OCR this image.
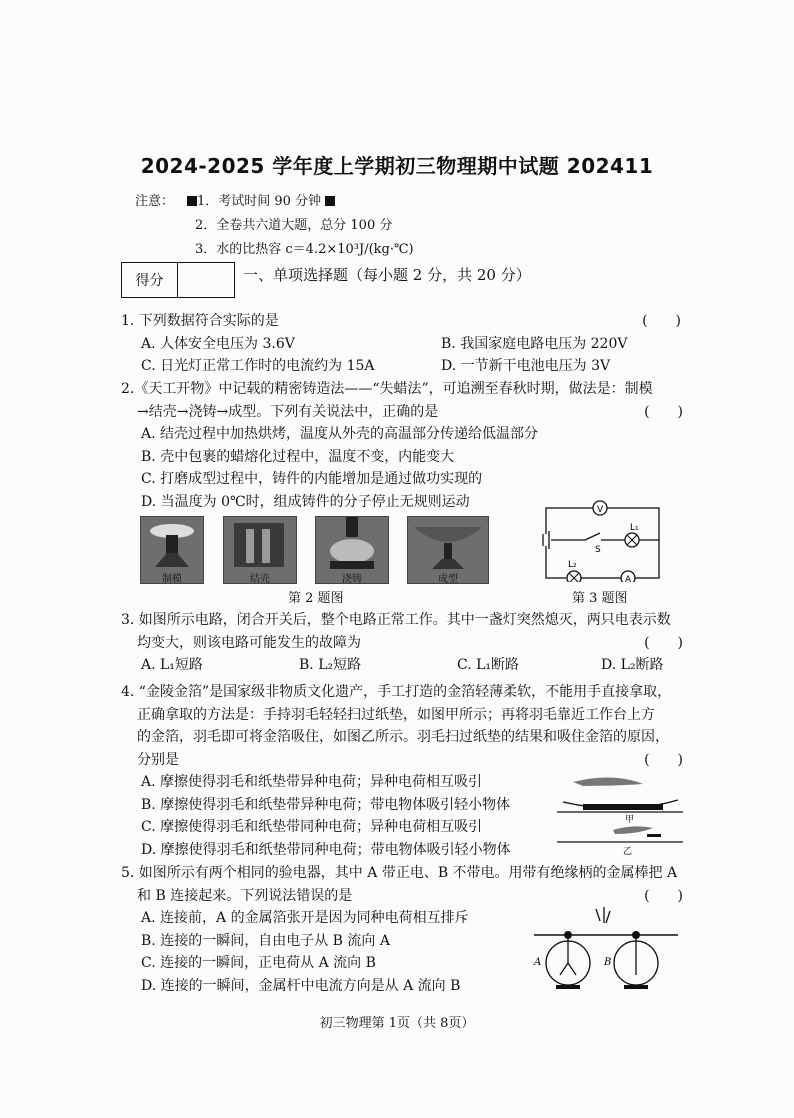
2024-2025 学年度上学期初三物理期中试题 202411
注意： 1．考试时间 90 分钟
2．全卷共六道大题，总分 100 分
3．水的比热容 c＝4.2×10³J/(kg·℃)
得分	一、单项选择题（每小题 2 分，共 20 分）
1. 下列数据符合实际的是	(　　)
A. 人体安全电压为 3.6V	B. 我国家庭电路电压为 220V
C. 日光灯正常工作时的电流约为 15A	D. 一节新干电池电压为 3V
2.《天工开物》中记载的精密铸造法——“失蜡法”，可追溯至春秋时期，做法是：制模
→结壳→浇铸→成型。下列有关说法中，正确的是	(　　)
A. 结壳过程中加热烘烤，温度从外壳的高温部分传递给低温部分
B. 壳中包裹的蜡熔化过程中，温度不变，内能变大
C. 打磨成型过程中，铸件的内能增加是通过做功实现的
D. 当温度为 0℃时，组成铸件的分子停止无规则运动
制模	结壳	浇铸	成型
第 2 题图
V
A
S
L₁
L₂
第 3 题图
3. 如图所示电路，闭合开关后，整个电路正常工作。其中一盏灯突然熄灭，两只电表示数
均变大，则该电路可能发生的故障为	(　　)
A. L₁短路	B. L₂短路	C. L₁断路	D. L₂断路
4. “金陵金箔”是国家级非物质文化遗产，手工打造的金箔轻薄柔软，不能用手直接拿取，
正确拿取的方法是：手持羽毛轻轻扫过纸垫，如图甲所示；再将羽毛靠近工作台上方
的金箔，羽毛即可将金箔吸住，如图乙所示。羽毛扫过纸垫的结果和吸住金箔的原因，
分别是	(　　)
A. 摩擦使得羽毛和纸垫带异种电荷；异种电荷相互吸引
B. 摩擦使得羽毛和纸垫带异种电荷；带电物体吸引轻小物体
C. 摩擦使得羽毛和纸垫带同种电荷；异种电荷相互吸引
D. 摩擦使得羽毛和纸垫带同种电荷；带电物体吸引轻小物体
甲
乙
5. 如图所示有两个相同的验电器，其中 A 带正电、B 不带电。用带有绝缘柄的金属棒把 A
和 B 连接起来。下列说法错误的是	(　　)
A. 连接前，A 的金属箔张开是因为同种电荷相互排斥
B. 连接的一瞬间，自由电子从 B 流向 A
C. 连接的一瞬间，正电荷从 A 流向 B
D. 连接的一瞬间，金属杆中电流方向是从 A 流向 B
A	B
初三物理第 1页（共 8页）
